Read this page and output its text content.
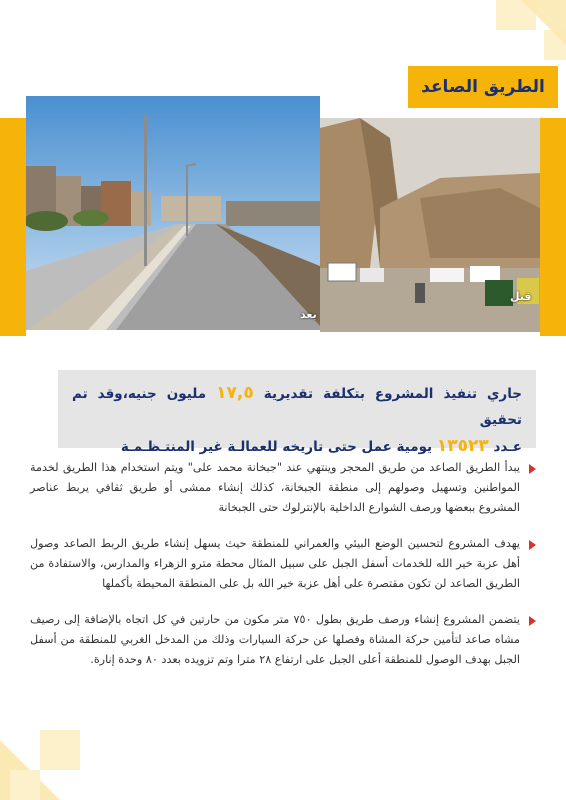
الطريق الصاعد
بعد
قبل
جاري تنفيذ المشروع بتكلفة تقديرية ١٧,٥ مليون جنيه،وقد تم تحقيق
عـدد ١٣٥٢٣ يومية عمل حتى تاريخه للعمالـة غير المنتـظـمـة
يبدأ الطريق الصاعد من طريق المحجر وينتهي عند "جبخانة محمد على" ويتم استخدام هذا الطريق لخدمة المواطنين وتسهيل وصولهم إلى منطقة الجبخانة، كذلك إنشاء ممشى أو طريق ثقافي يربط عناصر المشروع ببعضها ورصف الشوارع الداخلية بالإنترلوك حتى الجبخانة
يهدف المشروع لتحسين الوضع البيئي والعمراني للمنطقة حيث يسهل إنشاء طريق الربط الصاعد وصول أهل عزبة خير الله للخدمات أسفل الجبل على سبيل المثال محطة مترو الزهراء والمدارس، والاستفادة من الطريق الصاعد لن تكون مقتصرة على أهل عزبة خير الله بل على المنطقة المحيطة بأكملها
يتضمن المشروع إنشاء ورصف طريق بطول ٧٥٠ متر مكون من حارتين في كل اتجاه بالإضافة إلى رصيف مشاه صاعد لتأمين حركة المشاة وفصلها عن حركة السيارات وذلك من المدخل الغربي للمنطقة من أسفل الجبل بهدف الوصول للمنطقة أعلى الجبل على ارتفاع ٢٨ مترا وتم تزويده بعدد ٨٠ وحدة إنارة.
